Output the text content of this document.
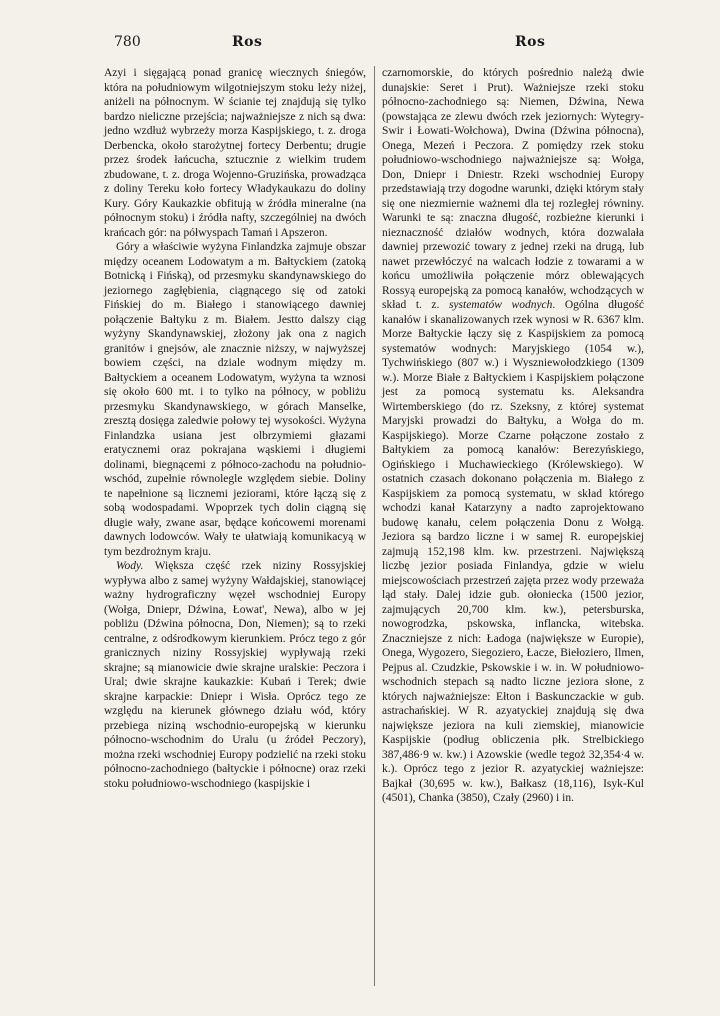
780	Ros	Ros

Azyi i sięgającą ponad granicę wiecznych śniegów, która na południowym wilgotniejszym stoku leży niżej, aniżeli na północnym. W ścianie tej znajdują się tylko bardzo nieliczne przejścia; najważniejsze z nich są dwa: jedno wzdłuż wybrzeży morza Kaspijskiego, t. z. droga Derbencka, około starożytnej fortecy Derbentu; drugie przez środek łańcucha, sztucznie z wielkim trudem zbudowane, t. z. droga Wojenno-Gruzińska, prowadząca z doliny Tereku koło fortecy Władykaukazu do doliny Kury. Góry Kaukazkie obfitują w źródła mineralne (na północnym stoku) i źródła nafty, szczególniej na dwóch krańcach gór: na półwyspach Tamań i Apszeron.

Góry a właściwie wyżyna Finlandzka zajmuje obszar między oceanem Lodowatym a m. Bałtyckiem (zatoką Botnicką i Fińską), od przesmyku skandynawskiego do jeziornego zagłębienia, ciągnącego się od zatoki Fińskiej do m. Białego i stanowiącego dawniej połączenie Bałtyku z m. Białem. Jestto dalszy ciąg wyżyny Skandynawskiej, złożony jak ona z nagich granitów i gnejsów, ale znacznie niższy, w najwyższej bowiem części, na dziale wodnym między m. Bałtyckiem a oceanem Lodowatym, wyżyna ta wznosi się około 600 mt. i to tylko na północy, w pobliżu przesmyku Skandynawskiego, w górach Manselke, zresztą dosięga zaledwie połowy tej wysokości. Wyżyna Finlandzka usiana jest olbrzymiemi głazami eratycznemi oraz pokrajana wąskiemi i długiemi dolinami, biegnącemi z północo-zachodu na południo-wschód, zupełnie równolegle względem siebie. Doliny te napełnione są licznemi jeziorami, które łączą się z sobą wodospadami. Wpoprzek tych dolin ciągną się długie wały, zwane asar, będące końcowemi morenami dawnych lodowców. Wały te ułatwiają komunikacyą w tym bezdrożnym kraju.

Wody. Większa część rzek niziny Rossyjskiej wypływa albo z samej wyżyny Wałdajskiej, stanowiącej ważny hydrograficzny węzeł wschodniej Europy (Wołga, Dniepr, Dźwina, Łowat', Newa), albo w jej pobliżu (Dźwina północna, Don, Niemen); są to rzeki centralne, z odśrodkowym kierunkiem. Prócz tego z gór granicznych niziny Rossyjskiej wypływają rzeki skrajne; są mianowicie dwie skrajne uralskie: Peczora i Ural; dwie skrajne kaukazkie: Kubań i Terek; dwie skrajne karpackie: Dniepr i Wisła. Oprócz tego ze względu na kierunek głównego działu wód, który przebiega niziną wschodnio-europejską w kierunku północno-wschodnim do Uralu (u źródeł Peczory), można rzeki wschodniej Europy podzielić na rzeki stoku północno-zachodniego (bałtyckie i północne) oraz rzeki stoku południowo-wschodniego (kaspijskie i

czarnomorskie, do których pośrednio należą dwie dunajskie: Seret i Prut). Ważniejsze rzeki stoku północno-zachodniego są: Niemen, Dźwina, Newa (powstająca ze zlewu dwóch rzek jeziornych: Wytegry-Swir i Łowati-Wołchowa), Dwina (Dźwina północna), Onega, Mezeń i Peczora. Z pomiędzy rzek stoku południowo-wschodniego najważniejsze są: Wołga, Don, Dniepr i Dniestr. Rzeki wschodniej Europy przedstawiają trzy dogodne warunki, dzięki którym stały się one niezmiernie ważnemi dla tej rozległej równiny. Warunki te są: znaczna długość, rozbieżne kierunki i nieznaczność działów wodnych, która dozwalała dawniej przewozić towary z jednej rzeki na drugą, lub nawet przewłóczyć na walcach łodzie z towarami a w końcu umożliwiła połączenie mórz oblewających Rossyą europejską za pomocą kanałów, wchodzących w skład t. z. systematów wodnych. Ogólna długość kanałów i skanalizowanych rzek wynosi w R. 6367 klm. Morze Bałtyckie łączy się z Kaspijskiem za pomocą systematów wodnych: Maryjskiego (1054 w.), Tychwińskiego (807 w.) i Wyszniewołodzkiego (1309 w.). Morze Białe z Bałtyckiem i Kaspijskiem połączone jest za pomocą systematu ks. Aleksandra Wirtemberskiego (do rz. Szeksny, z której systemat Maryjski prowadzi do Bałtyku, a Wołga do m. Kaspijskiego). Morze Czarne połączone zostało z Bałtykiem za pomocą kanałów: Berezyńskiego, Ogińskiego i Muchawieckiego (Królewskiego). W ostatnich czasach dokonano połączenia m. Białego z Kaspijskiem za pomocą systematu, w skład którego wchodzi kanał Katarzyny a nadto zaprojektowano budowę kanału, celem połączenia Donu z Wołgą. Jeziora są bardzo liczne i w samej R. europejskiej zajmują 152,198 klm. kw. przestrzeni. Największą liczbę jezior posiada Finlandya, gdzie w wielu miejscowościach przestrzeń zajęta przez wody przeważa ląd stały. Dalej idzie gub. ołoniecka (1500 jezior, zajmujących 20,700 klm. kw.), petersburska, nowogrodzka, pskowska, inflancka, witebska. Znaczniejsze z nich: Ładoga (największe w Europie), Onega, Wygozero, Siegoziero, Łacze, Biełoziero, Ilmen, Pejpus al. Czudzkie, Pskowskie i w. in. W południowo-wschodnich stepach są nadto liczne jeziora słone, z których najważniejsze: Ełton i Baskunczackie w gub. astrachańskiej. W R. azyatyckiej znajdują się dwa największe jeziora na kuli ziemskiej, mianowicie Kaspijskie (podług obliczenia płk. Strelbickiego 387,486·9 w. kw.) i Azowskie (wedle tegoż 32,354·4 w. k.). Oprócz tego z jezior R. azyatyckiej ważniejsze: Bajkał (30,695 w. kw.), Bałkasz (18,116), Isyk-Kul (4501), Chanka (3850), Czały (2960) i in.
